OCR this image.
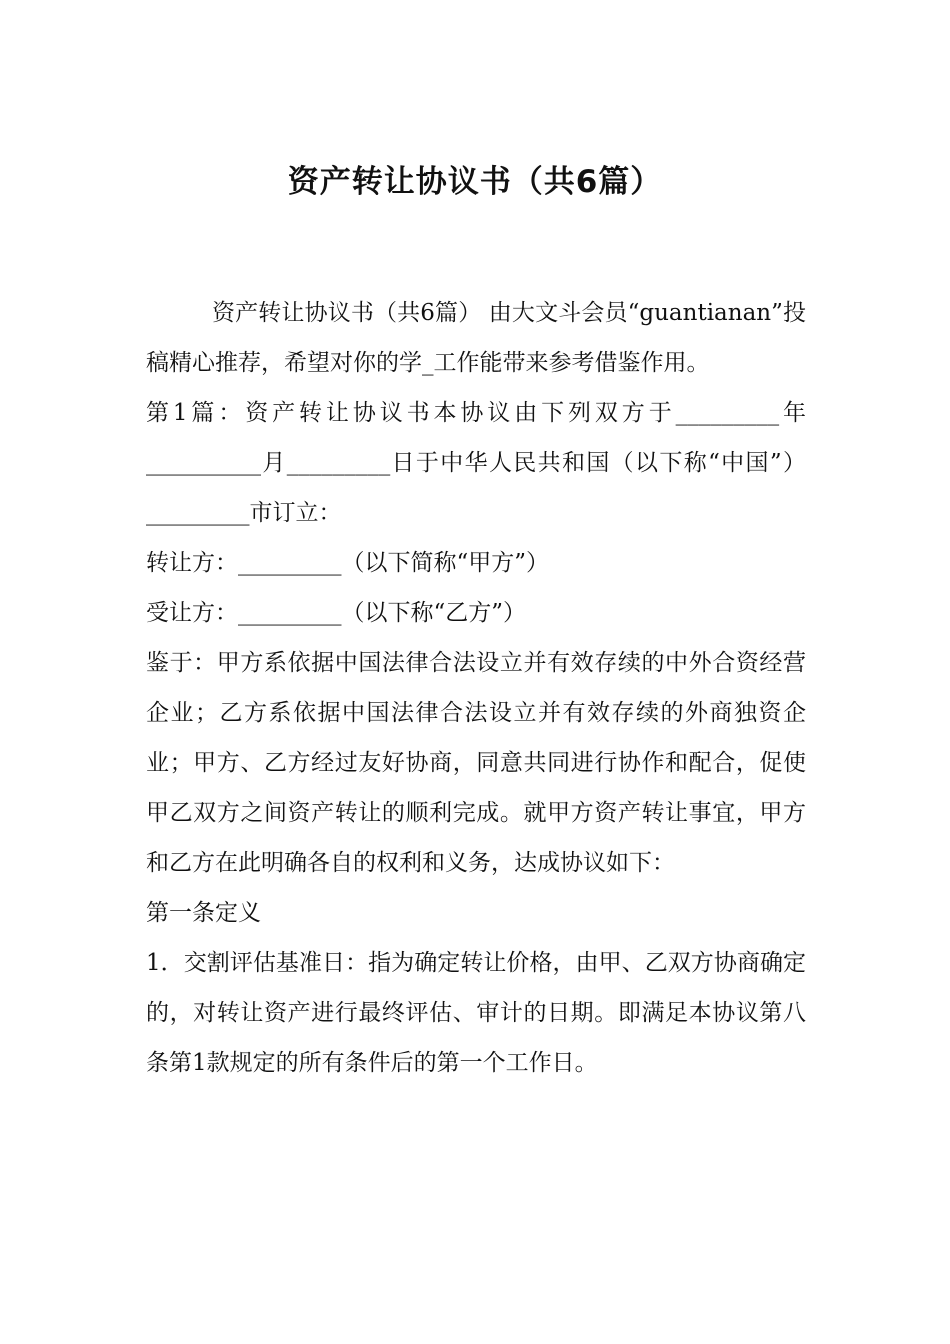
资产转让协议书（共6篇）

资产转让协议书（共6篇） 由大文斗会员“guantianan”投稿精心推荐，希望对你的学_工作能带来参考借鉴作用。

第1篇：资产转让协议书本协议由下列双方于_________年__________月_________日于中华人民共和国（以下称“中国”）_________市订立：

转让方：_________（以下简称“甲方”）

受让方：_________（以下称“乙方”）

鉴于：甲方系依据中国法律合法设立并有效存续的中外合资经营企业；乙方系依据中国法律合法设立并有效存续的外商独资企业；甲方、乙方经过友好协商，同意共同进行协作和配合，促使甲乙双方之间资产转让的顺利完成。就甲方资产转让事宜，甲方和乙方在此明确各自的权利和义务，达成协议如下：

第一条定义

1．交割评估基准日：指为确定转让价格，由甲、乙双方协商确定的，对转让资产进行最终评估、审计的日期。即满足本协议第八条第1款规定的所有条件后的第一个工作日。
